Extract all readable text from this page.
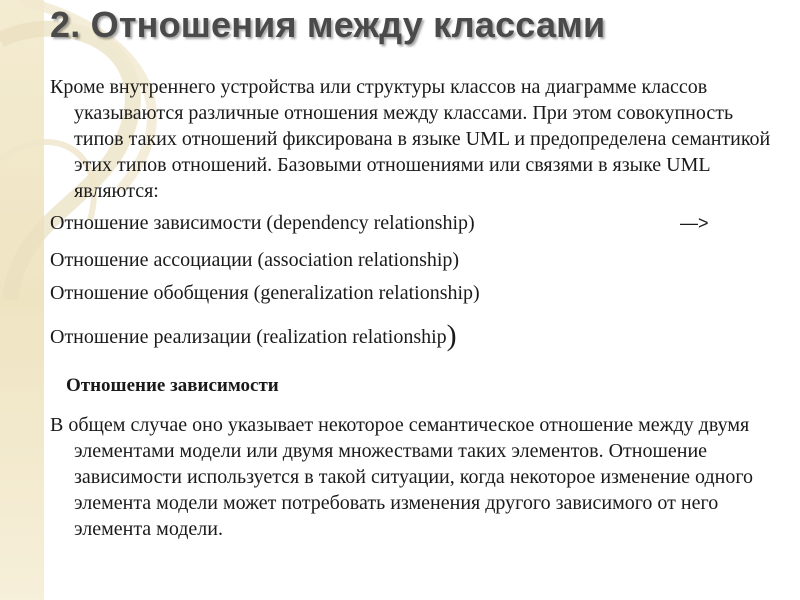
2. Отношения между классами

Кроме внутреннего устройства или структуры классов на диаграмме классов указываются различные отношения между классами. При этом совокупность типов таких отношений фиксирована в языке UML и предопределена семантикой этих типов отношений. Базовыми отношениями или связями в языке UML являются:

Отношение зависимости (dependency relationship)	—>

Отношение ассоциации (association relationship)

Отношение обобщения (generalization relationship)

Отношение реализации (realization relationship)

Отношение зависимости

В общем случае оно указывает некоторое семантическое отношение между двумя элементами модели или двумя множествами таких элементов. Отношение зависимости используется в такой ситуации, когда некоторое изменение одного элемента модели может потребовать изменения другого зависимого от него элемента модели.
